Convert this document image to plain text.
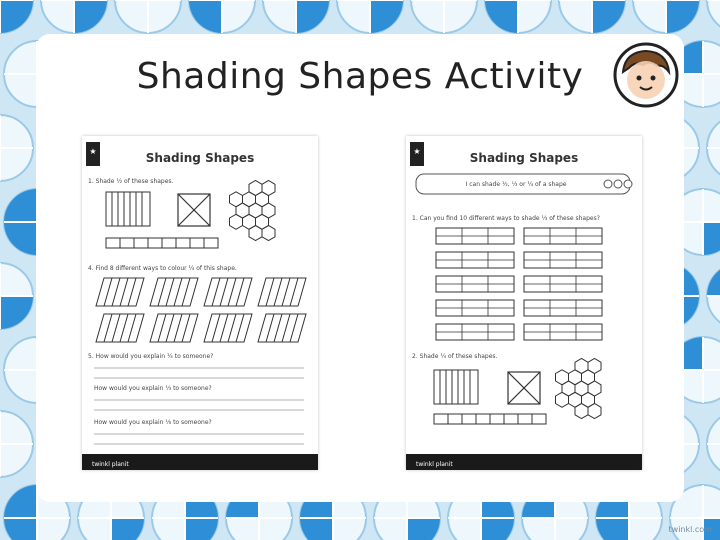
Shading Shapes Activity
★	Shading Shapes
1. Shade ½ of these shapes.
4. Find 8 different ways to colour ¼ of this shape.
5. How would you explain ¼ to someone?
How would you explain ⅓ to someone?
How would you explain ⅛ to someone?
twinkl planit
★	Shading Shapes
I can shade ½, ⅓ or ¼ of a shape
1. Can you find 10 different ways to shade ⅓ of these shapes?
2. Shade ¼ of these shapes.
twinkl planit
twinkl.com
